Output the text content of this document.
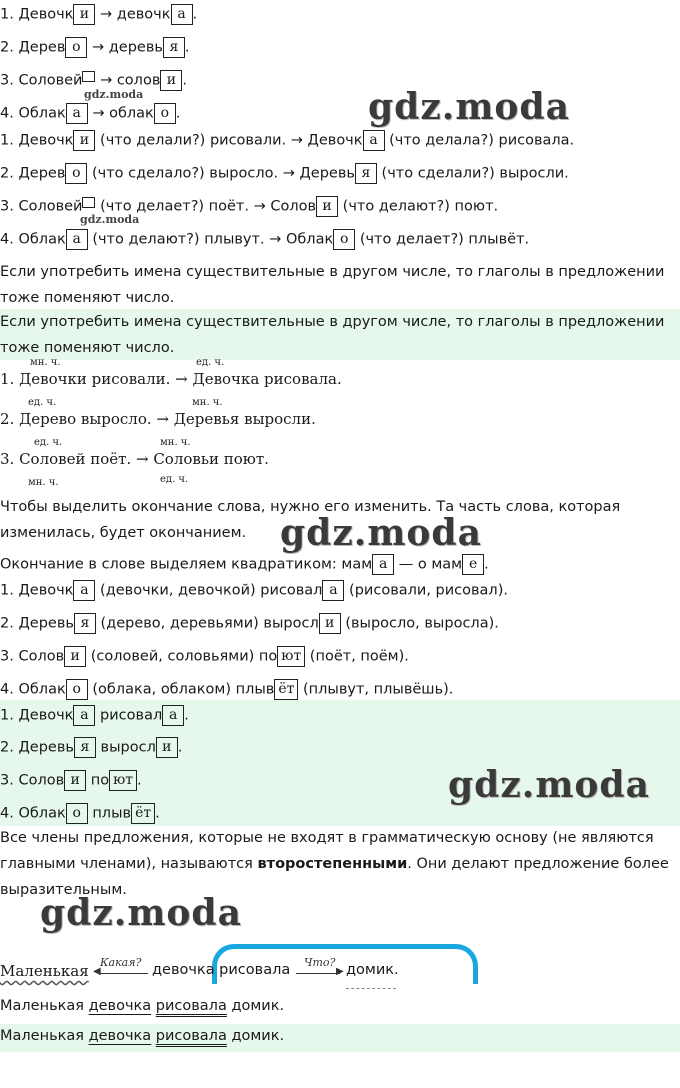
1. Девочк и → девочк а .
2. Дерев о → деревь я .
3. Соловей → солов и .
gdz.moda
4. Облак а → облак о .	gdz.moda
1. Девочк и (что делали?) рисовали. → Девочк а (что делала?) рисовала.
2. Дерев о (что сделало?) выросло. → Деревь я (что сделали?) выросли.
3. Соловей (что делает?) поёт. → Солов и (что делают?) поют.
gdz.moda
4. Облак а (что делают?) плывут. → Облак о (что делает?) плывёт.
Если употребить имена существительные в другом числе, то глаголы в предложении тоже поменяют число.
Если употребить имена существительные в другом числе, то глаголы в предложении тоже поменяют число.
мн. ч.	ед. ч.
1. Девочки рисовали. → Девочка рисовала.
ед. ч.	мн. ч.
2. Дерево выросло. → Деревья выросли.
ед. ч.	мн. ч.
3. Соловей поёт. → Соловьи поют.
мн. ч.	ед. ч.
Чтобы выделить окончание слова, нужно его изменить. Та часть слова, которая изменилась, будет окончанием. gdz.moda
Окончание в слове выделяем квадратиком: мам а — о мам е .
1. Девочк а (девочки, девочкой) рисовал а (рисовали, рисовал).
2. Деревь я (дерево, деревьями) выросл и (выросло, выросла).
3. Солов и (соловей, соловьями) по ют (поёт, поём).
4. Облак о (облака, облаком) плыв ёт (плывут, плывёшь).
1. Девочк а рисовал а .
2. Деревь я выросл и .
3. Солов и по ют .
4. Облак о плыв ёт .
gdz.moda
Все члены предложения, которые не входят в грамматическую основу (не являются главными членами), называются второстепенными. Они делают предложение более выразительным.
gdz.moda
Маленькая Какая?
◀	девочка рисовала Что?
▶ домик.
Маленькая девочка рисовала домик.
Маленькая девочка рисовала домик.
